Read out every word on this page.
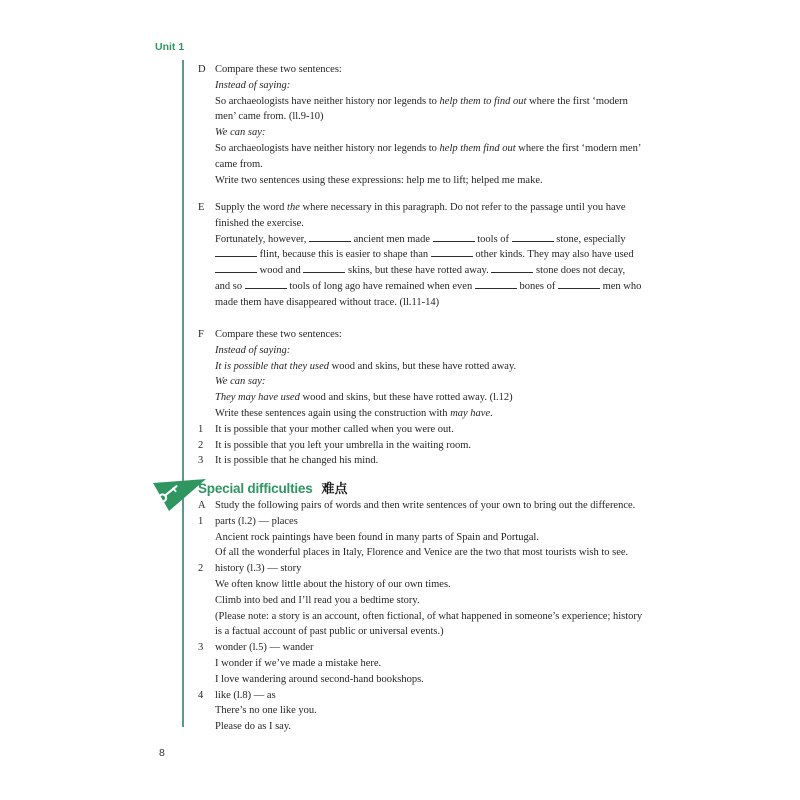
Unit 1
Special difficulties 难点
D Compare these two sentences:
Instead of saying:
So archaeologists have neither history nor legends to help them to find out where the first ‘modern
men’ came from. (ll.9-10)
We can say:
So archaeologists have neither history nor legends to help them find out where the first ‘modern men’
came from.
Write two sentences using these expressions: help me to lift; helped me make.
E Supply the word the where necessary in this paragraph. Do not refer to the passage until you have
finished the exercise.
Fortunately, however,	ancient men made	tools of	stone, especially
flint, because this is easier to shape than	other kinds. They may also have used
wood and	skins, but these have rotted away.	stone does not decay,
and so	tools of long ago have remained when even	bones of	men who
made them have disappeared without trace. (ll.11-14)
F Compare these two sentences:
Instead of saying:
It is possible that they used wood and skins, but these have rotted away.
We can say:
They may have used wood and skins, but these have rotted away. (l.12)
Write these sentences again using the construction with may have.
1 It is possible that your mother called when you were out.
2 It is possible that you left your umbrella in the waiting room.
3 It is possible that he changed his mind.
A Study the following pairs of words and then write sentences of your own to bring out the difference.
1 parts (l.2) — places
Ancient rock paintings have been found in many parts of Spain and Portugal.
Of all the wonderful places in Italy, Florence and Venice are the two that most tourists wish to see.
2 history (l.3) — story
We often know little about the history of our own times.
Climb into bed and I’ll read you a bedtime story.
(Please note: a story is an account, often fictional, of what happened in someone’s experience; history
is a factual account of past public or universal events.)
3 wonder (l.5) — wander
I wonder if we’ve made a mistake here.
I love wandering around second-hand bookshops.
4 like (l.8) — as
There’s no one like you.
Please do as I say.
8
